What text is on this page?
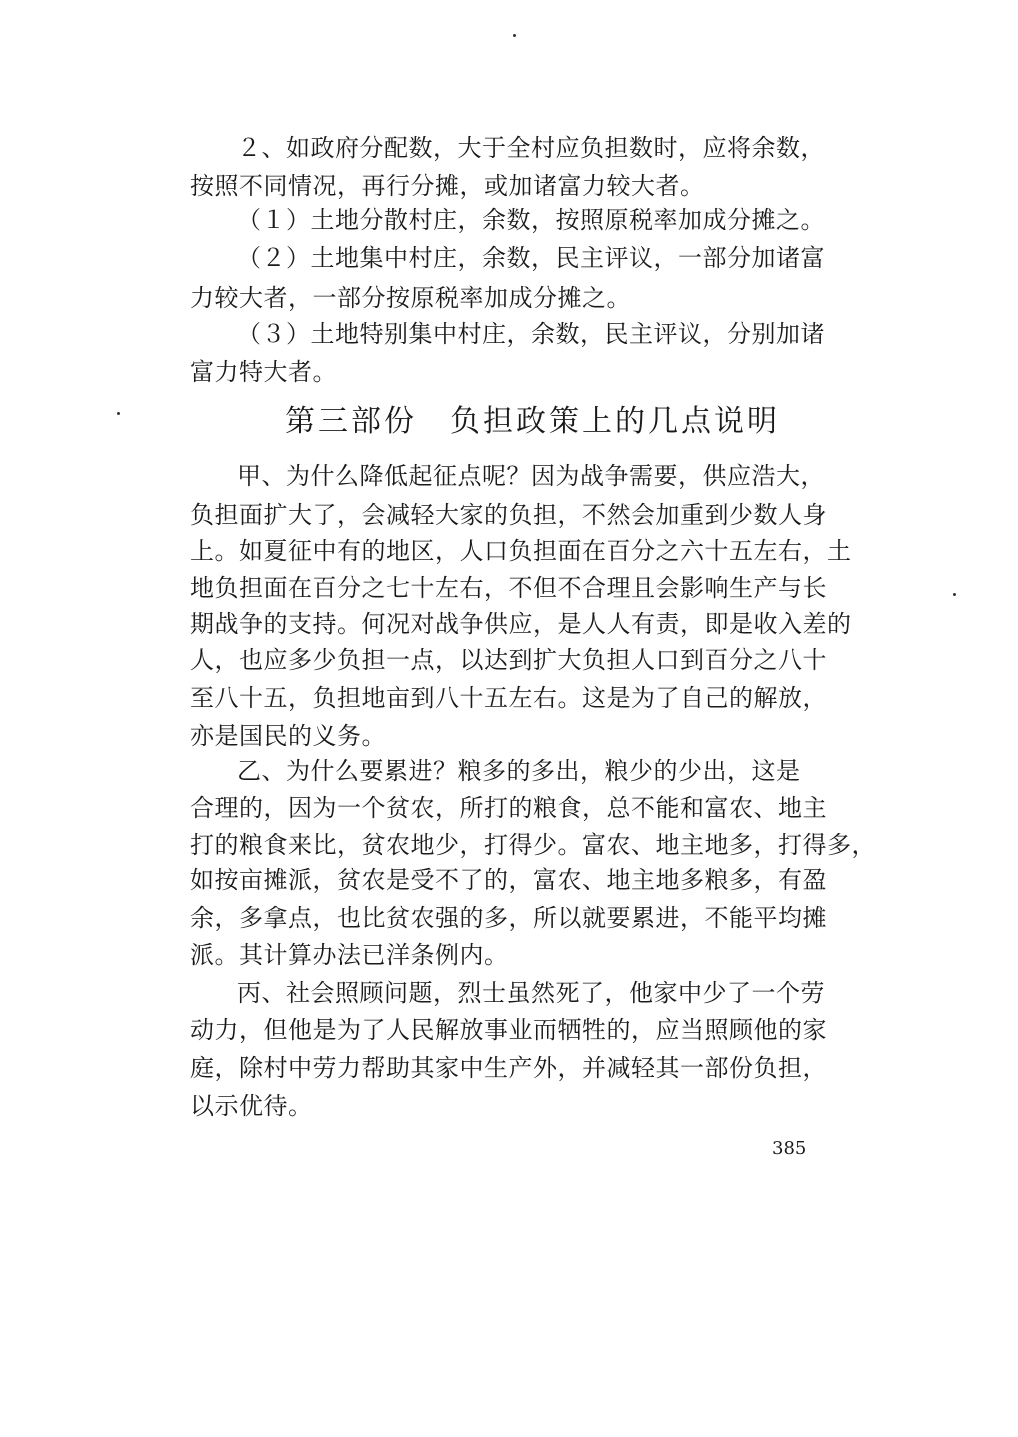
２、如政府分配数，大于全村应负担数时，应将余数，
按照不同情况，再行分摊，或加诸富力较大者。
（１）土地分散村庄，余数，按照原税率加成分摊之。
（２）土地集中村庄，余数，民主评议，一部分加诸富
力较大者，一部分按原税率加成分摊之。
（３）土地特别集中村庄，余数，民主评议，分别加诸
富力特大者。
第三部份　负担政策上的几点说明
甲、为什么降低起征点呢？因为战争需要，供应浩大，
负担面扩大了，会减轻大家的负担，不然会加重到少数人身
上。如夏征中有的地区，人口负担面在百分之六十五左右，土
地负担面在百分之七十左右，不但不合理且会影响生产与长
期战争的支持。何况对战争供应，是人人有责，即是收入差的
人，也应多少负担一点，以达到扩大负担人口到百分之八十
至八十五，负担地亩到八十五左右。这是为了自己的解放，
亦是国民的义务。
乙、为什么要累进？粮多的多出，粮少的少出，这是
合理的，因为一个贫农，所打的粮食，总不能和富农、地主
打的粮食来比，贫农地少，打得少。富农、地主地多，打得多，
如按亩摊派，贫农是受不了的，富农、地主地多粮多，有盈
余，多拿点，也比贫农强的多，所以就要累进，不能平均摊
派。其计算办法已洋条例内。
丙、社会照顾问题，烈士虽然死了，他家中少了一个劳
动力，但他是为了人民解放事业而牺牲的，应当照顾他的家
庭，除村中劳力帮助其家中生产外，并减轻其一部份负担，
以示优待。
385
